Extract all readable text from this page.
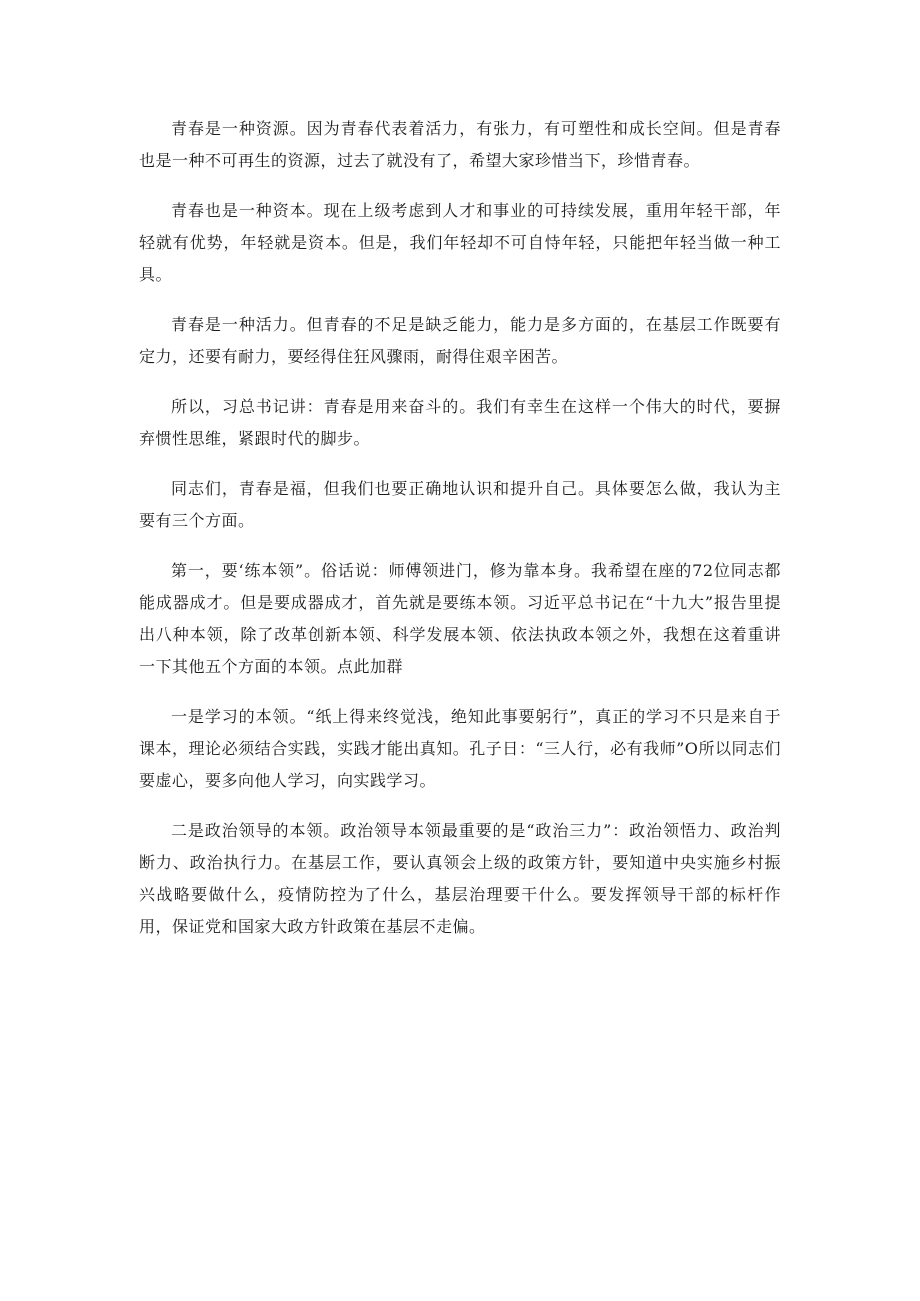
青春是一种资源。因为青春代表着活力，有张力，有可塑性和成长空间。但是青春也是一种不可再生的资源，过去了就没有了，希望大家珍惜当下，珍惜青春。

青春也是一种资本。现在上级考虑到人才和事业的可持续发展，重用年轻干部，年轻就有优势，年轻就是资本。但是，我们年轻却不可自恃年轻，只能把年轻当做一种工具。

青春是一种活力。但青春的不足是缺乏能力，能力是多方面的，在基层工作既要有定力，还要有耐力，要经得住狂风骤雨，耐得住艰辛困苦。

所以，习总书记讲：青春是用来奋斗的。我们有幸生在这样一个伟大的时代，要摒弃惯性思维，紧跟时代的脚步。

同志们，青春是福，但我们也要正确地认识和提升自己。具体要怎么做，我认为主要有三个方面。

第一，要‘练本领”。俗话说：师傅领进门，修为靠本身。我希望在座的72位同志都能成器成才。但是要成器成才，首先就是要练本领。习近平总书记在“十九大”报告里提出八种本领，除了改革创新本领、科学发展本领、依法执政本领之外，我想在这着重讲一下其他五个方面的本领。点此加群

一是学习的本领。“纸上得来终觉浅，绝知此事要躬行”，真正的学习不只是来自于课本，理论必须结合实践，实践才能出真知。孔子日：“三人行，必有我师”O所以同志们要虚心，要多向他人学习，向实践学习。

二是政治领导的本领。政治领导本领最重要的是“政治三力”：政治领悟力、政治判断力、政治执行力。在基层工作，要认真领会上级的政策方针，要知道中央实施乡村振兴战略要做什么，疫情防控为了什么，基层治理要干什么。要发挥领导干部的标杆作用，保证党和国家大政方针政策在基层不走偏。
